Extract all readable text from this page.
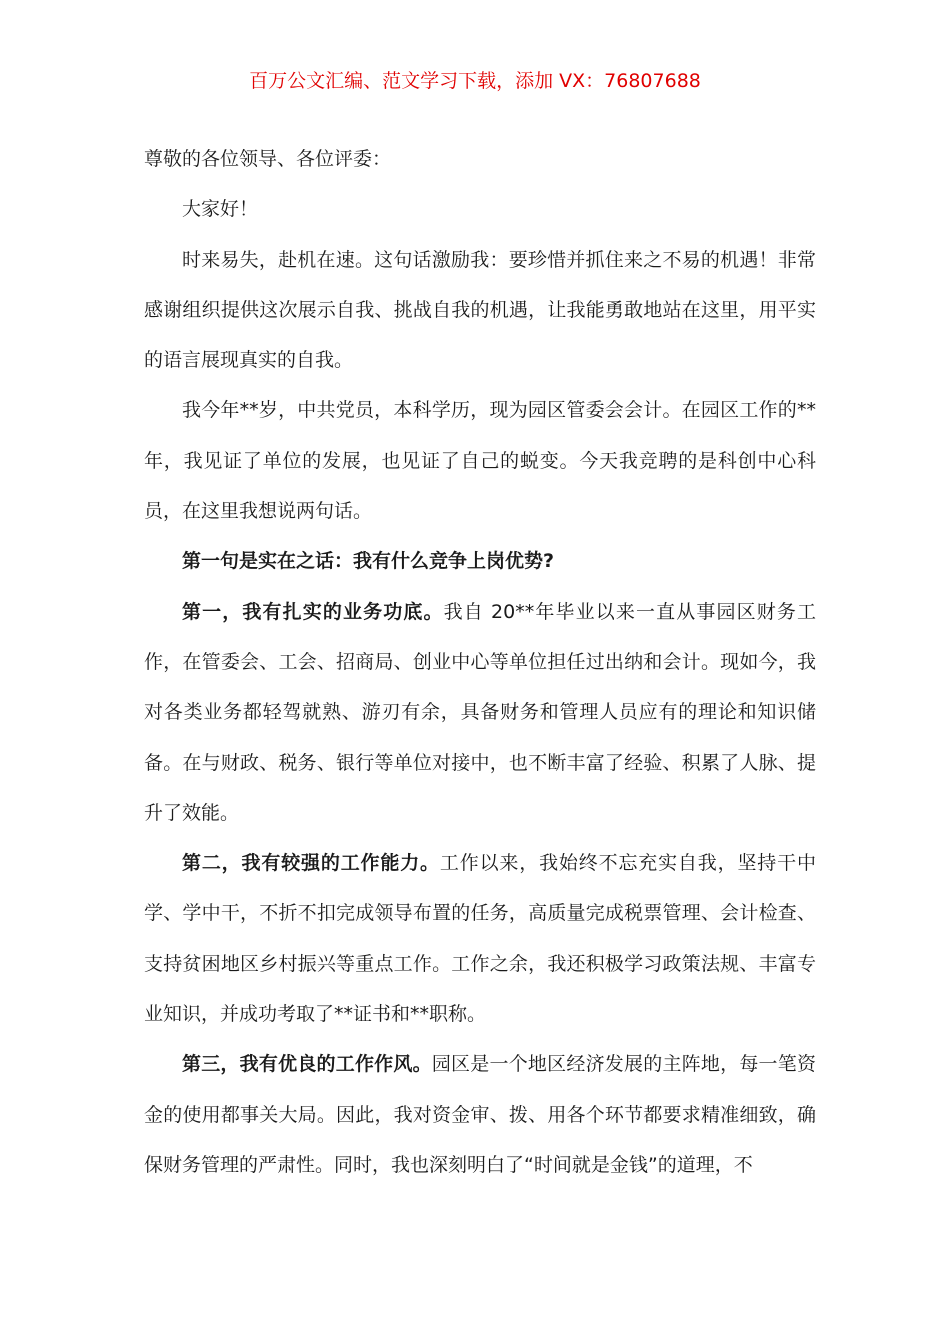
百万公文汇编、范文学习下载，添加 VX：76807688

尊敬的各位领导、各位评委：

大家好！

时来易失，赴机在速。这句话激励我：要珍惜并抓住来之不易的机遇！非常感谢组织提供这次展示自我、挑战自我的机遇，让我能勇敢地站在这里，用平实的语言展现真实的自我。

我今年**岁，中共党员，本科学历，现为园区管委会会计。在园区工作的**年，我见证了单位的发展，也见证了自己的蜕变。今天我竞聘的是科创中心科员，在这里我想说两句话。

第一句是实在之话：我有什么竞争上岗优势?

第一，我有扎实的业务功底。我自 20**年毕业以来一直从事园区财务工作，在管委会、工会、招商局、创业中心等单位担任过出纳和会计。现如今，我对各类业务都轻驾就熟、游刃有余，具备财务和管理人员应有的理论和知识储备。在与财政、税务、银行等单位对接中，也不断丰富了经验、积累了人脉、提升了效能。

第二，我有较强的工作能力。工作以来，我始终不忘充实自我，坚持干中学、学中干，不折不扣完成领导布置的任务，高质量完成税票管理、会计检查、支持贫困地区乡村振兴等重点工作。工作之余，我还积极学习政策法规、丰富专业知识，并成功考取了**证书和**职称。

第三，我有优良的工作作风。园区是一个地区经济发展的主阵地，每一笔资金的使用都事关大局。因此，我对资金审、拨、用各个环节都要求精准细致，确保财务管理的严肃性。同时，我也深刻明白了“时间就是金钱”的道理，不
